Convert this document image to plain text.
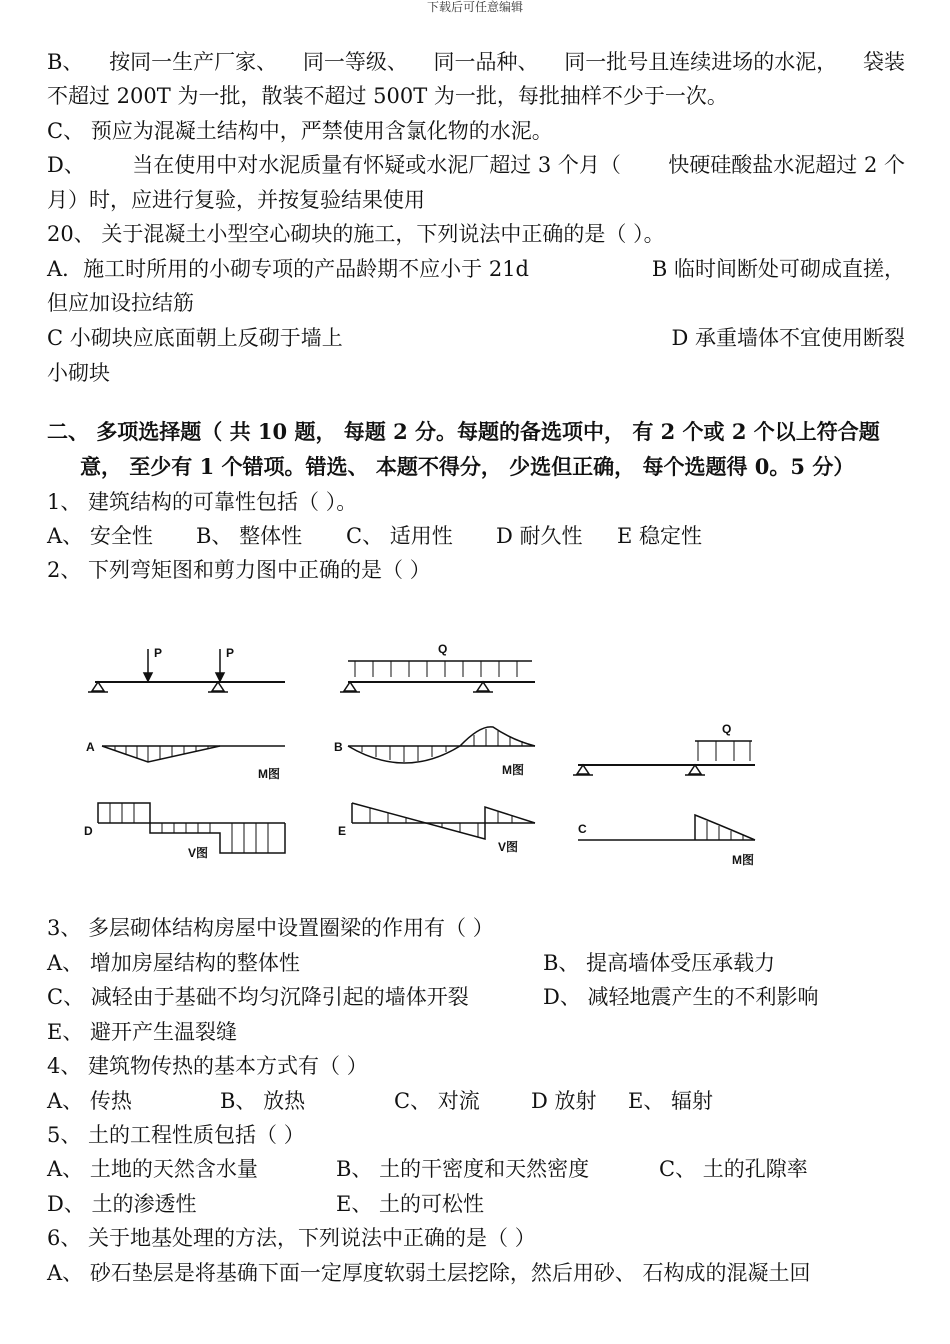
下载后可任意编辑
B、 按同一生产厂家、 同一等级、 同一品种、 同一批号且连续进场的水泥， 袋装
不超过 200T 为一批，散装不超过 500T 为一批，每批抽样不少于一次。
C、 预应为混凝土结构中，严禁使用含氯化物的水泥。
D、 当在使用中对水泥质量有怀疑或水泥厂超过 3 个月（ 快硬硅酸盐水泥超过 2 个
月）时，应进行复验，并按复验结果使用
20、 关于混凝土小型空心砌块的施工，下列说法中正确的是（ ）。
A．施工时所用的小砌专项的产品龄期不应小于 21d	B 临时间断处可砌成直搓，
但应加设拉结筋
C 小砌块应底面朝上反砌于墙上	D 承重墙体不宜使用断裂
小砌块
二、 多项选择题（ 共 10 题， 每题 2 分。每题的备选项中， 有 2 个或 2 个以上符合题
意， 至少有 1 个错项。错选、 本题不得分， 少选但正确， 每个选题得 0。5 分）
1、 建筑结构的可靠性包括（ ）。
A、 安全性 B、 整体性 C、 适用性 D 耐久性 E 稳定性
2、 下列弯矩图和剪力图中正确的是（ ）
P	P	Q
Q
A	B
C
D	E
M图	M图
M图
V图	V图
3、 多层砌体结构房屋中设置圈梁的作用有（ ）
A、 增加房屋结构的整体性	B、 提高墙体受压承载力
C、 减轻由于基础不均匀沉降引起的墙体开裂	D、 减轻地震产生的不利影响
E、 避开产生温裂缝
4、 建筑物传热的基本方式有（ ）
A、 传热	B、 放热	C、 对流 D 放射 E、 辐射
5、 土的工程性质包括（ ）
A、 土地的天然含水量	B、 土的干密度和天然密度	C、 土的孔隙率
D、 土的渗透性	E、 土的可松性
6、 关于地基处理的方法，下列说法中正确的是（ ）
A、 砂石垫层是将基确下面一定厚度软弱土层挖除，然后用砂、 石构成的混凝土回
